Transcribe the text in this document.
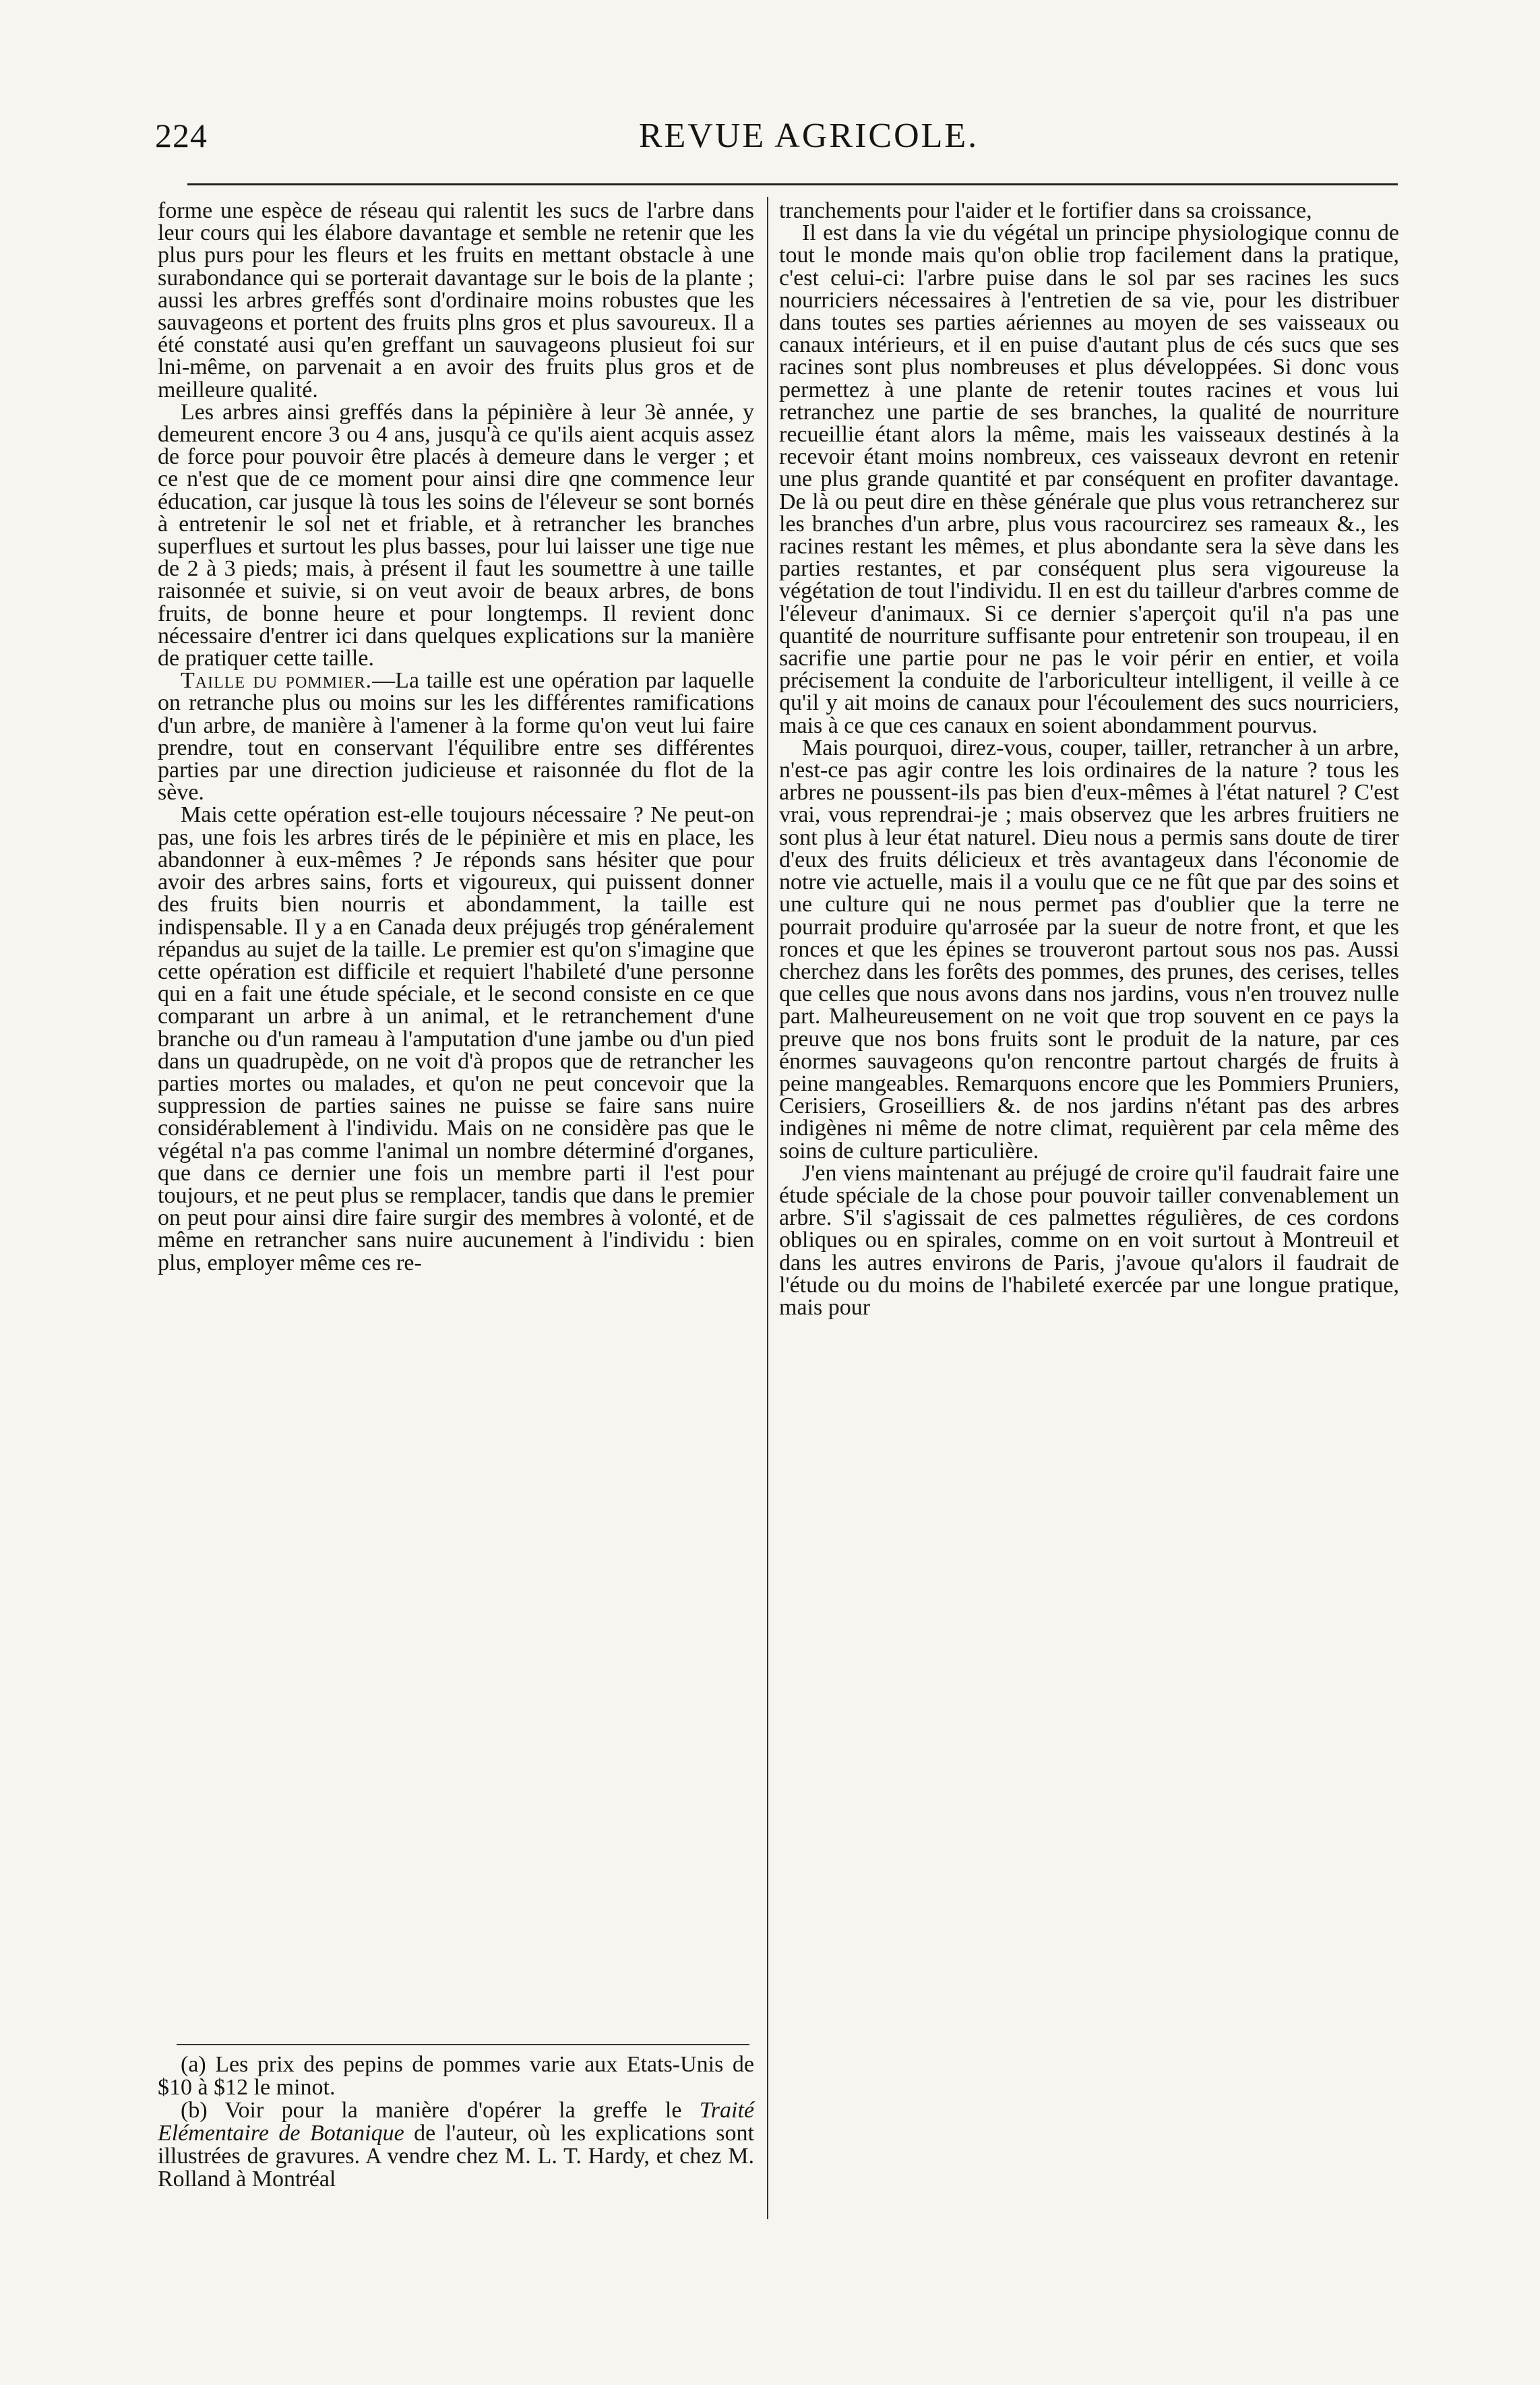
224	REVUE AGRICOLE.

forme une espèce de réseau qui ralentit les sucs de l'arbre dans leur cours qui les élabore davantage et semble ne retenir que les plus purs pour les fleurs et les fruits en mettant obstacle à une surabondance qui se porterait davantage sur le bois de la plante ; aussi les arbres greffés sont d'ordinaire moins robustes que les sauvageons et portent des fruits plns gros et plus savoureux. Il a été constaté ausi qu'en greffant un sauvageons plusieut foi sur lni-même, on parvenait a en avoir des fruits plus gros et de meilleure qualité.

Les arbres ainsi greffés dans la pépinière à leur 3è année, y demeurent encore 3 ou 4 ans, jusqu'à ce qu'ils aient acquis assez de force pour pouvoir être placés à demeure dans le verger ; et ce n'est que de ce moment pour ainsi dire qne commence leur éducation, car jusque là tous les soins de l'éleveur se sont bornés à entretenir le sol net et friable, et à retrancher les branches superflues et surtout les plus basses, pour lui laisser une tige nue de 2 à 3 pieds; mais, à présent il faut les soumettre à une taille raisonnée et suivie, si on veut avoir de beaux arbres, de bons fruits, de bonne heure et pour longtemps. Il revient donc nécessaire d'entrer ici dans quelques explications sur la manière de pratiquer cette taille.

Taille du pommier.—La taille est une opération par laquelle on retranche plus ou moins sur les les différentes ramifications d'un arbre, de manière à l'amener à la forme qu'on veut lui faire prendre, tout en conservant l'équilibre entre ses différentes parties par une direction judicieuse et raisonnée du flot de la sève.

Mais cette opération est-elle toujours nécessaire ? Ne peut-on pas, une fois les arbres tirés de le pépinière et mis en place, les abandonner à eux-mêmes ? Je réponds sans hésiter que pour avoir des arbres sains, forts et vigoureux, qui puissent donner des fruits bien nourris et abondamment, la taille est indispensable. Il y a en Canada deux préjugés trop généralement répandus au sujet de la taille. Le premier est qu'on s'imagine que cette opération est difficile et requiert l'habileté d'une personne qui en a fait une étude spéciale, et le second consiste en ce que comparant un arbre à un animal, et le retranchement d'une branche ou d'un rameau à l'amputation d'une jambe ou d'un pied dans un quadrupède, on ne voit d'à propos que de retrancher les parties mortes ou malades, et qu'on ne peut concevoir que la suppression de parties saines ne puisse se faire sans nuire considérablement à l'individu. Mais on ne considère pas que le végétal n'a pas comme l'animal un nombre déterminé d'organes, que dans ce dernier une fois un membre parti il l'est pour toujours, et ne peut plus se remplacer, tandis que dans le premier on peut pour ainsi dire faire surgir des membres à volonté, et de même en retrancher sans nuire aucunement à l'individu : bien plus, employer même ces re-

(a) Les prix des pepins de pommes varie aux Etats-Unis de $10 à $12 le minot.

(b) Voir pour la manière d'opérer la greffe le Traité Elémentaire de Botanique de l'auteur, où les explications sont illustrées de gravures. A vendre chez M. L. T. Hardy, et chez M. Rolland à Montréal

tranchements pour l'aider et le fortifier dans sa croissance,

Il est dans la vie du végétal un principe physiologique connu de tout le monde mais qu'on oblie trop facilement dans la pratique, c'est celui-ci: l'arbre puise dans le sol par ses racines les sucs nourriciers nécessaires à l'entretien de sa vie, pour les distribuer dans toutes ses parties aériennes au moyen de ses vaisseaux ou canaux intérieurs, et il en puise d'autant plus de cés sucs que ses racines sont plus nombreuses et plus développées. Si donc vous permettez à une plante de retenir toutes racines et vous lui retranchez une partie de ses branches, la qualité de nourriture recueillie étant alors la même, mais les vaisseaux destinés à la recevoir étant moins nombreux, ces vaisseaux devront en retenir une plus grande quantité et par conséquent en profiter davantage. De là ou peut dire en thèse générale que plus vous retrancherez sur les branches d'un arbre, plus vous racourcirez ses rameaux &., les racines restant les mêmes, et plus abondante sera la sève dans les parties restantes, et par conséquent plus sera vigoureuse la végétation de tout l'individu. Il en est du tailleur d'arbres comme de l'éleveur d'animaux. Si ce dernier s'aperçoit qu'il n'a pas une quantité de nourriture suffisante pour entretenir son troupeau, il en sacrifie une partie pour ne pas le voir périr en entier, et voila précisement la conduite de l'arboriculteur intelligent, il veille à ce qu'il y ait moins de canaux pour l'écoulement des sucs nourriciers, mais à ce que ces canaux en soient abondamment pourvus.

Mais pourquoi, direz-vous, couper, tailler, retrancher à un arbre, n'est-ce pas agir contre les lois ordinaires de la nature ? tous les arbres ne poussent-ils pas bien d'eux-mêmes à l'état naturel ? C'est vrai, vous reprendrai-je ; mais observez que les arbres fruitiers ne sont plus à leur état naturel. Dieu nous a permis sans doute de tirer d'eux des fruits délicieux et très avantageux dans l'économie de notre vie actuelle, mais il a voulu que ce ne fût que par des soins et une culture qui ne nous permet pas d'oublier que la terre ne pourrait produire qu'arrosée par la sueur de notre front, et que les ronces et que les épines se trouveront partout sous nos pas. Aussi cherchez dans les forêts des pommes, des prunes, des cerises, telles que celles que nous avons dans nos jardins, vous n'en trouvez nulle part. Malheureusement on ne voit que trop souvent en ce pays la preuve que nos bons fruits sont le produit de la nature, par ces énormes sauvageons qu'on rencontre partout chargés de fruits à peine mangeables. Remarquons encore que les Pommiers Pruniers, Cerisiers, Groseilliers &. de nos jardins n'étant pas des arbres indigènes ni même de notre climat, requièrent par cela même des soins de culture particulière.

J'en viens maintenant au préjugé de croire qu'il faudrait faire une étude spéciale de la chose pour pouvoir tailler convenablement un arbre. S'il s'agissait de ces palmettes régulières, de ces cordons obliques ou en spirales, comme on en voit surtout à Montreuil et dans les autres environs de Paris, j'avoue qu'alors il faudrait de l'étude ou du moins de l'habileté exercée par une longue pratique, mais pour
